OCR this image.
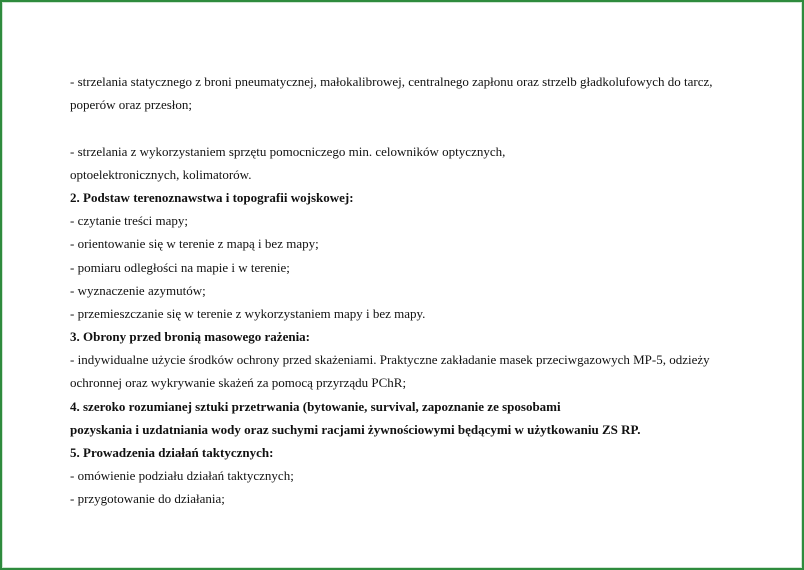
- strzelania statycznego z broni pneumatycznej, małokalibrowej, centralnego zapłonu oraz strzelb gładkolufowych do tarcz,
poperów oraz przesłon;
- strzelania z wykorzystaniem sprzętu pomocniczego min. celowników optycznych,
optoelektronicznych, kolimatorów.
2. Podstaw terenoznawstwa i topografii wojskowej:
- czytanie treści mapy;
- orientowanie się w terenie z mapą i bez mapy;
- pomiaru odległości na mapie i w terenie;
- wyznaczenie azymutów;
- przemieszczanie się w terenie z wykorzystaniem mapy i bez mapy.
3. Obrony przed bronią masowego rażenia:
- indywidualne użycie środków ochrony przed skażeniami. Praktyczne zakładanie masek przeciwgazowych MP-5, odzieży
ochronnej oraz wykrywanie skażeń za pomocą przyrządu PChR;
4. szeroko rozumianej sztuki przetrwania (bytowanie, survival, zapoznanie ze sposobami
pozyskania i uzdatniania wody oraz suchymi racjami żywnościowymi będącymi w użytkowaniu ZS RP.
5. Prowadzenia działań taktycznych:
- omówienie podziału działań taktycznych;
- przygotowanie do działania;
